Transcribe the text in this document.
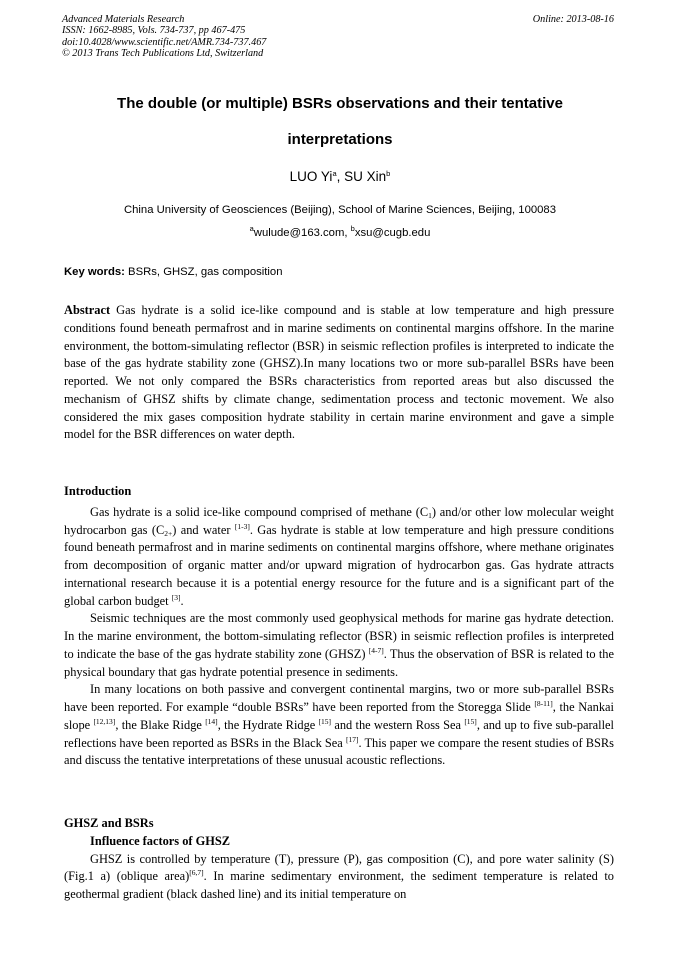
Advanced Materials Research
ISSN: 1662-8985, Vols. 734-737, pp 467-475
doi:10.4028/www.scientific.net/AMR.734-737.467
© 2013 Trans Tech Publications Ltd, Switzerland
Online: 2013-08-16
The double (or multiple) BSRs observations and their tentative
interpretations
LUO Yi$^a$, SU Xin$^b$
China University of Geosciences (Beijing), School of Marine Sciences, Beijing, 100083
$^a$wulude@163.com, $^b$xsu@cugb.edu
Key words: BSRs, GHSZ, gas composition

Abstract Gas hydrate is a solid ice-like compound and is stable at low temperature and high pressure conditions found beneath permafrost and in marine sediments on continental margins offshore. In the marine environment, the bottom-simulating reflector (BSR) in seismic reflection profiles is interpreted to indicate the base of the gas hydrate stability zone (GHSZ).In many locations two or more sub-parallel BSRs have been reported. We not only compared the BSRs characteristics from reported areas but also discussed the mechanism of GHSZ shifts by climate change, sedimentation process and tectonic movement. We also considered the mix gases composition hydrate stability in certain marine environment and gave a simple model for the BSR differences on water depth.

Introduction

Gas hydrate is a solid ice-like compound comprised of methane $(C_1)$ and/or other low molecular weight hydrocarbon gas $(C_{2+})$ and water [1-3]. Gas hydrate is stable at low temperature and high pressure conditions found beneath permafrost and in marine sediments on continental margins offshore, where methane originates from decomposition of organic matter and/or upward migration of hydrocarbon gas. Gas hydrate attracts international research because it is a potential energy resource for the future and is a significant part of the global carbon budget [3].

Seismic techniques are the most commonly used geophysical methods for marine gas hydrate detection. In the marine environment, the bottom-simulating reflector (BSR) in seismic reflection profiles is interpreted to indicate the base of the gas hydrate stability zone (GHSZ) [4-7]. Thus the observation of BSR is related to the physical boundary that gas hydrate potential presence in sediments.

In many locations on both passive and convergent continental margins, two or more sub-parallel BSRs have been reported. For example “double BSRs” have been reported from the Storegga Slide [8-11], the Nankai slope [12,13], the Blake Ridge [14], the Hydrate Ridge [15] and the western Ross Sea [15], and up to five sub-parallel reflections have been reported as BSRs in the Black Sea [17]. This paper we compare the resent studies of BSRs and discuss the tentative interpretations of these unusual acoustic reflections.

GHSZ and BSRs

Influence factors of GHSZ

GHSZ is controlled by temperature (T), pressure (P), gas composition (C), and pore water salinity (S) (Fig.1 a) (oblique area)[6,7]. In marine sedimentary environment, the sediment temperature is related to geothermal gradient (black dashed line) and its initial temperature on
